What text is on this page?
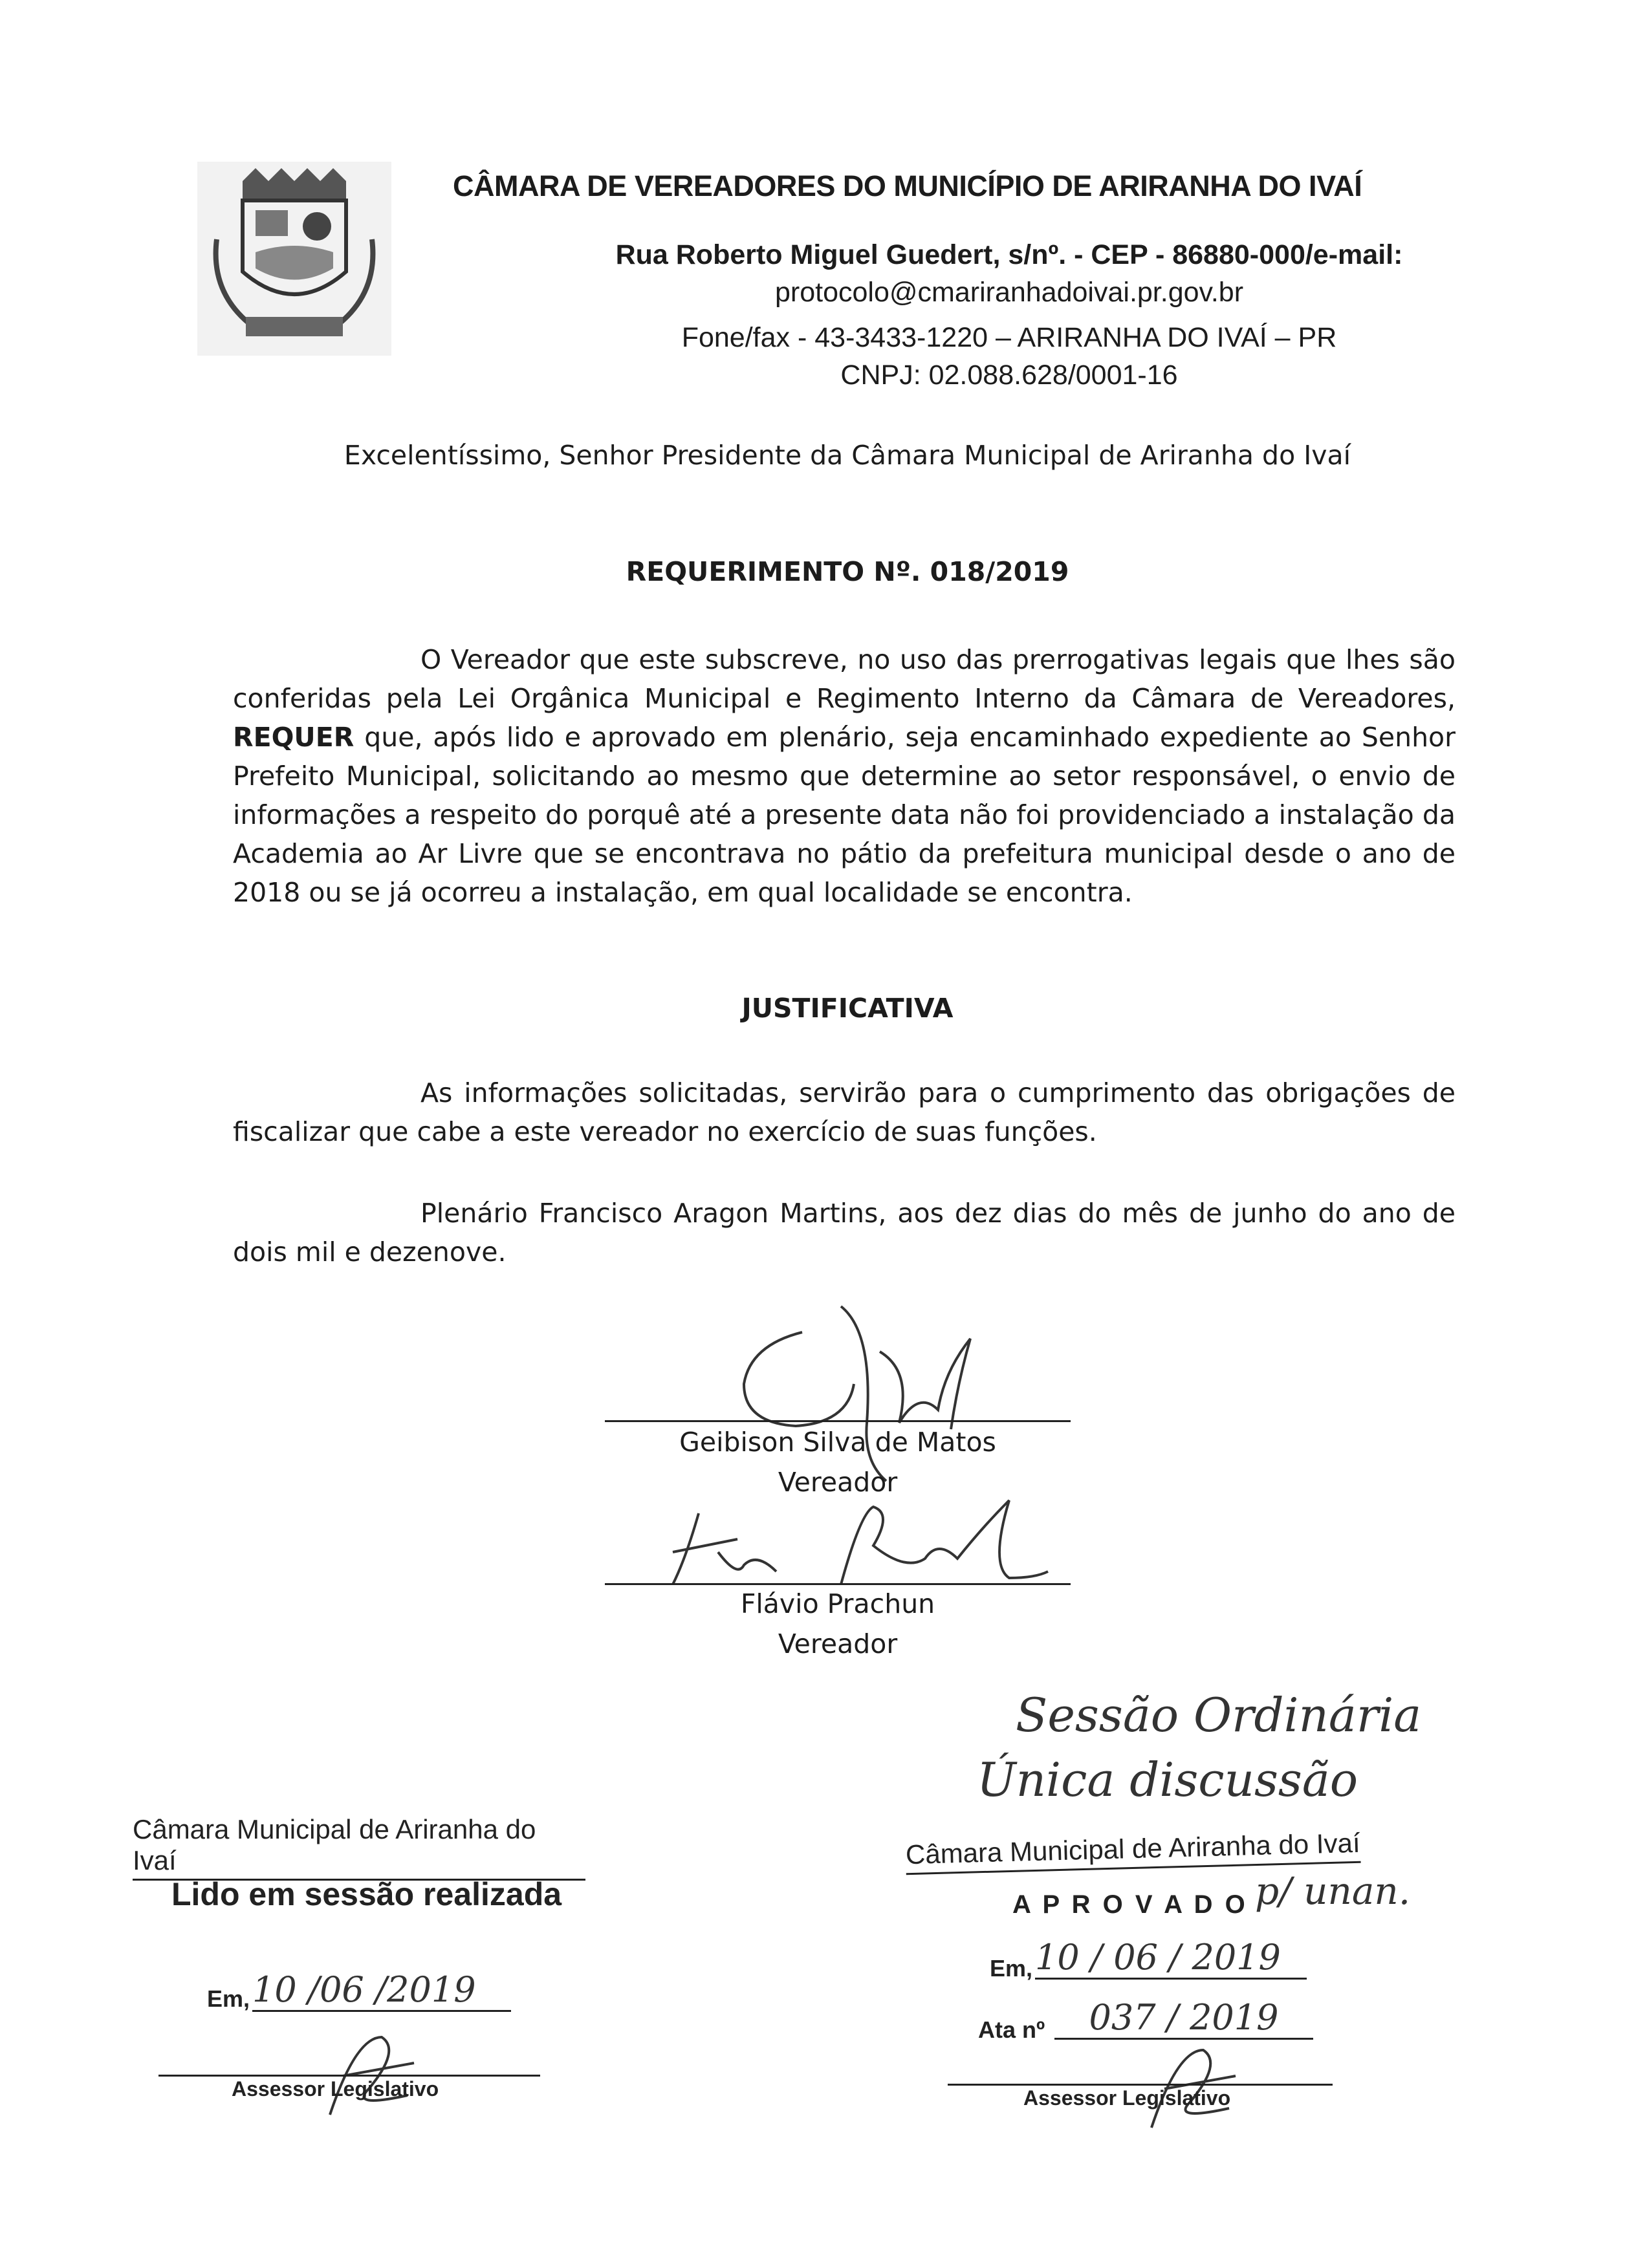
CÂMARA DE VEREADORES DO MUNICÍPIO DE ARIRANHA DO IVAÍ
Rua Roberto Miguel Guedert, s/nº. - CEP - 86880-000/e-mail:
protocolo@cmariranhadoivai.pr.gov.br
Fone/fax - 43-3433-1220 – ARIRANHA DO IVAÍ – PR
CNPJ: 02.088.628/0001-16
Excelentíssimo, Senhor Presidente da Câmara Municipal de Ariranha do Ivaí
REQUERIMENTO Nº. 018/2019
O Vereador que este subscreve, no uso das prerrogativas legais que lhes são conferidas pela Lei Orgânica Municipal e Regimento Interno da Câmara de Vereadores, REQUER que, após lido e aprovado em plenário, seja encaminhado expediente ao Senhor Prefeito Municipal, solicitando ao mesmo que determine ao setor responsável, o envio de informações a respeito do porquê até a presente data não foi providenciado a instalação da Academia ao Ar Livre que se encontrava no pátio da prefeitura municipal desde o ano de 2018 ou se já ocorreu a instalação, em qual localidade se encontra.
JUSTIFICATIVA
As informações solicitadas, servirão para o cumprimento das obrigações de fiscalizar que cabe a este vereador no exercício de suas funções.
Plenário Francisco Aragon Martins, aos dez dias do mês de junho do ano de dois mil e dezenove.
Geibison Silva de Matos
Vereador
Flávio Prachun
Vereador
Câmara Municipal de Ariranha do Ivaí
Lido em sessão realizada
Em, 10 /06 /2019
Assessor Legislativo
Sessão Ordinária
Única discussão
Câmara Municipal de Ariranha do Ivaí
A P R O V A D O p/ unan.
Em, 10 / 06 / 2019
Ata nº	037 / 2019
Assessor Legislativo
